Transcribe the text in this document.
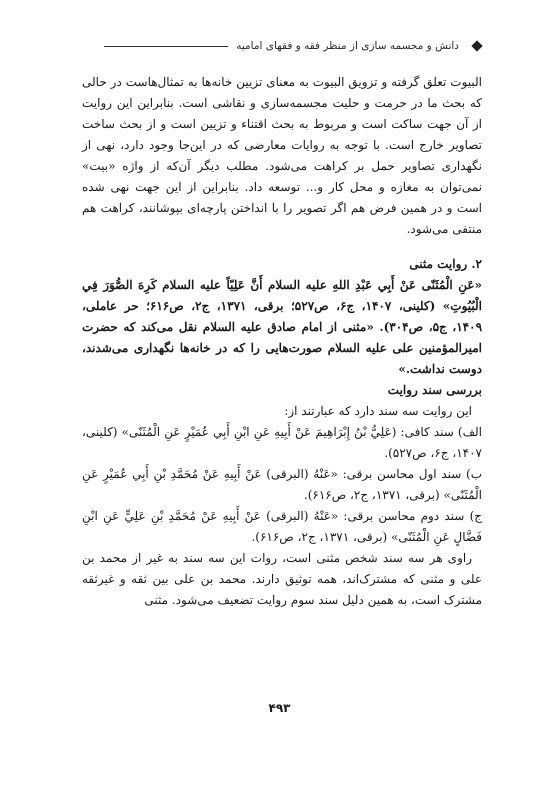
دانش و مجسمه سازی از منظر فقه و فقهای امامیه

البیوت تعلق گرفته و تزویق البیوت به معنای تزیین خانه‌ها به تمثال‌هاست در حالی که بحث ما در حرمت و حلیت مجسمه‌سازی و نقاشی است. بنابراین این روایت از آن جهت ساکت است و مربوط به بحث اقتناء و تزیین است و از بحث ساخت تصاویر خارج است. با توجه به روایات معارضی که در این‌جا وجود دارد، نهی از نگهداری تصاویر حمل بر کراهت می‌شود. مطلب دیگر آن‌که از واژه «بیت» نمی‌توان به مغازه و محل کار و... توسعه داد. بنابراین از این جهت نهی شده است و در همین فرض هم اگر تصویر را با انداختن پارچه‌ای بپوشانند، کراهت هم منتفی می‌شود.

۲. روایت مثنی

«عَنِ الْمُثَنّى عَنْ أَبِي عَبْدِ اللهِ عليه السلام أَنَّ عَلِيّاً عليه السلام كَرِهَ الصُّوَرَ فِي الْبُيُوتِ» (کلینی، ۱۴۰۷، ج۶، ص۵۲۷؛ برقی، ۱۳۷۱، ج۲، ص۶۱۶؛ حر عاملی، ۱۴۰۹، ج۵، ص۳۰۴). «مثنی از امام صادق عليه السلام نقل می‌کند که حضرت امیرالمؤمنین علی عليه السلام صورت‌هایی را که در خانه‌ها نگهداری می‌شدند، دوست نداشت.»

بررسی سند روایت

این روایت سه سند دارد که عبارتند از:

الف) سند کافی: (عَلِيُّ بْنُ إِبْرَاهِيمَ عَنْ أَبِيهِ عَنِ ابْنِ أَبِي عُمَيْرٍ عَنِ الْمُثَنّى» (کلینی، ۱۴۰۷، ج۶، ص۵۲۷).

ب) سند اول محاسن برقی: «عَنْهُ (البرقی) عَنْ أَبِيهِ عَنْ مُحَمَّدِ بْنِ أَبِي عُمَيْرٍ عَنِ الْمُثَنّى» (برقی، ۱۳۷۱، ج۲، ص۶۱۶).

ج) سند دوم محاسن برقی: «عَنْهُ (البرقی) عَنْ أَبِيهِ عَنْ مُحَمَّدِ بْنِ عَلِيٍّ عَنِ ابْنِ فَضَّالٍ عَنِ الْمُثَنّى» (برقی، ۱۳۷۱، ج۲، ص۶۱۶).

راوی هر سه سند شخص مثنی است، روات این سه سند به غیر از محمد بن علی و مثنی که مشترک‌اند، همه توثیق دارند. محمد بن علی بین ثقه و غیرثقه مشترک است، به همین دلیل سند سوم روایت تضعیف می‌شود. مثنی

۴۹۳
